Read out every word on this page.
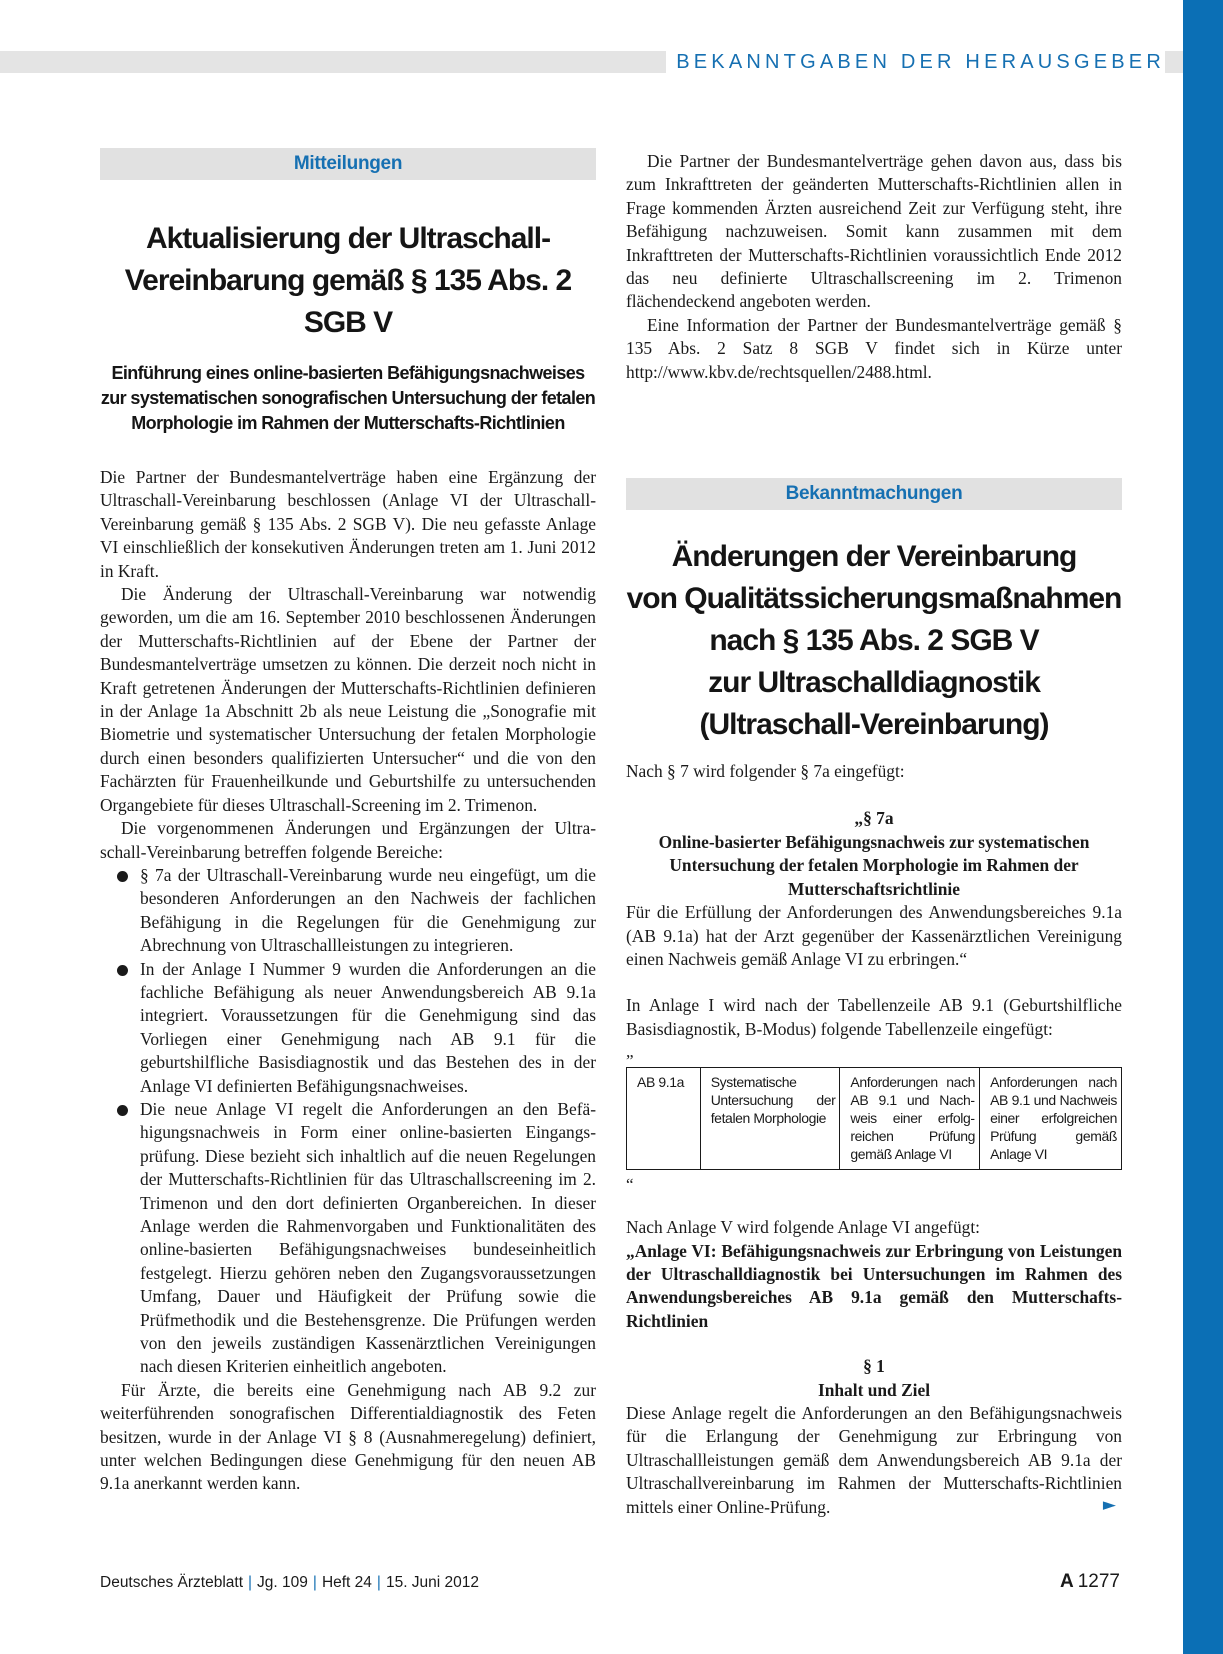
BEKANNTGABEN DER HERAUSGEBER
Mitteilungen

Aktualisierung der Ultraschall-

Vereinbarung gemäß § 135 Abs. 2 SGB V

Einführung eines online-basierten Befähigungsnachweises

zur systematischen sonografischen Untersuchung der fetalen

Morphologie im Rahmen der Mutterschafts-Richtlinien

Die Partner der Bundesmantelverträge haben eine Ergänzung der Ultraschall-Vereinbarung beschlossen (Anlage VI der Ultraschall-Vereinbarung gemäß § 135 Abs. 2 SGB V). Die neu gefasste Anlage VI einschließlich der konsekutiven Änderungen treten am 1. Juni 2012 in Kraft.

Die Änderung der Ultraschall-Vereinbarung war notwendig geworden, um die am 16. September 2010 beschlossenen Änderungen der Mutterschafts-Richtlinien auf der Ebene der Partner der Bundesmantelverträge umsetzen zu können. Die derzeit noch nicht in Kraft getretenen Änderungen der Mutterschafts-Richtlinien definieren in der Anlage 1a Abschnitt 2b als neue Leistung die „Sonografie mit Biometrie und systematischer Untersuchung der fetalen Morphologie durch einen besonders qualifizierten Untersucher“ und die von den Fachärzten für Frauenheilkunde und Geburtshilfe zu untersuchenden Organgebiete für dieses Ultraschall-Screening im 2. Trimenon.

Die vorgenommenen Änderungen und Ergänzungen der Ultraschall-Vereinbarung betreffen folgende Bereiche:

§ 7a der Ultraschall-Vereinbarung wurde neu eingefügt, um die besonderen Anforderungen an den Nachweis der fachlichen Befähigung in die Regelungen für die Genehmigung zur Abrechnung von Ultraschallleistungen zu integrieren.
In der Anlage I Nummer 9 wurden die Anforderungen an die fachliche Befähigung als neuer Anwendungsbereich AB 9.1a integriert. Voraussetzungen für die Genehmigung sind das Vorliegen einer Genehmigung nach AB 9.1 für die geburtshilfliche Basisdiagnostik und das Bestehen des in der Anlage VI definierten Befähigungsnachweises.
Die neue Anlage VI regelt die Anforderungen an den Befähigungsnachweis in Form einer online-basierten Eingangsprüfung. Diese bezieht sich inhaltlich auf die neuen Regelungen der Mutterschafts-Richtlinien für das Ultraschallscreening im 2. Trimenon und den dort definierten Organbereichen. In dieser Anlage werden die Rahmenvorgaben und Funktionalitäten des online-basierten Befähigungsnachweises bundeseinheitlich festgelegt. Hierzu gehören neben den Zugangsvoraussetzungen Umfang, Dauer und Häufigkeit der Prüfung sowie die Prüfmethodik und die Bestehensgrenze. Die Prüfungen werden von den jeweils zuständigen Kassenärztlichen Vereinigungen nach diesen Kriterien einheitlich angeboten.

Für Ärzte, die bereits eine Genehmigung nach AB 9.2 zur weiterführenden sonografischen Differentialdiagnostik des Feten besitzen, wurde in der Anlage VI § 8 (Ausnahmeregelung) definiert, unter welchen Bedingungen diese Genehmigung für den neuen AB 9.1a anerkannt werden kann.

Die Partner der Bundesmantelverträge gehen davon aus, dass bis zum Inkrafttreten der geänderten Mutterschafts-Richtlinien allen in Frage kommenden Ärzten ausreichend Zeit zur Verfügung steht, ihre Befähigung nachzuweisen. Somit kann zusammen mit dem Inkrafttreten der Mutterschafts-Richtlinien voraussichtlich Ende 2012 das neu definierte Ultraschallscreening im 2. Trimenon flächendeckend angeboten werden.

Eine Information der Partner der Bundesmantelverträge gemäß § 135 Abs. 2 Satz 8 SGB V findet sich in Kürze unter http://www.kbv.de/rechtsquellen/2488.html.

Bekanntmachungen

Änderungen der Vereinbarung

von Qualitätssicherungsmaßnahmen

nach § 135 Abs. 2 SGB V

zur Ultraschalldiagnostik

(Ultraschall-Vereinbarung)

Nach § 7 wird folgender § 7a eingefügt:

„§ 7a

Online-basierter Befähigungsnachweis zur systematischen Untersuchung der fetalen Morphologie im Rahmen der Mutterschaftsrichtlinie

Für die Erfüllung der Anforderungen des Anwendungsbereiches 9.1a (AB 9.1a) hat der Arzt gegenüber der Kassenärztlichen Vereinigung einen Nachweis gemäß Anlage VI zu erbringen.“

In Anlage I wird nach der Tabellenzeile AB 9.1 (Geburtshilfliche Basisdiagnostik, B-Modus) folgende Tabellenzeile eingefügt:

„

AB 9.1a	Systematische Untersuchung der fetalen Morphologie	Anforderungen nach AB 9.1 und Nachweis einer erfolgreichen Prüfung gemäß Anlage VI	Anforderungen nach AB 9.1 und Nachweis einer erfolgreichen Prüfung gemäß Anlage VI

“

Nach Anlage V wird folgende Anlage VI angefügt:

„Anlage VI: Befähigungsnachweis zur Erbringung von Leistungen der Ultraschalldiagnostik bei Untersuchungen im Rahmen des Anwendungsbereiches AB 9.1a gemäß den Mutterschafts-Richtlinien

§ 1

Inhalt und Ziel

Diese Anlage regelt die Anforderungen an den Befähigungsnachweis für die Erlangung der Genehmigung zur Erbringung von Ultraschallleistungen gemäß dem Anwendungsbereich AB 9.1a der Ultraschallvereinbarung im Rahmen der Mutterschafts-Richtlinien mittels einer Online-Prüfung.	►
Deutsches Ärzteblatt | Jg. 109 | Heft 24 | 15. Juni 2012	A 1277
